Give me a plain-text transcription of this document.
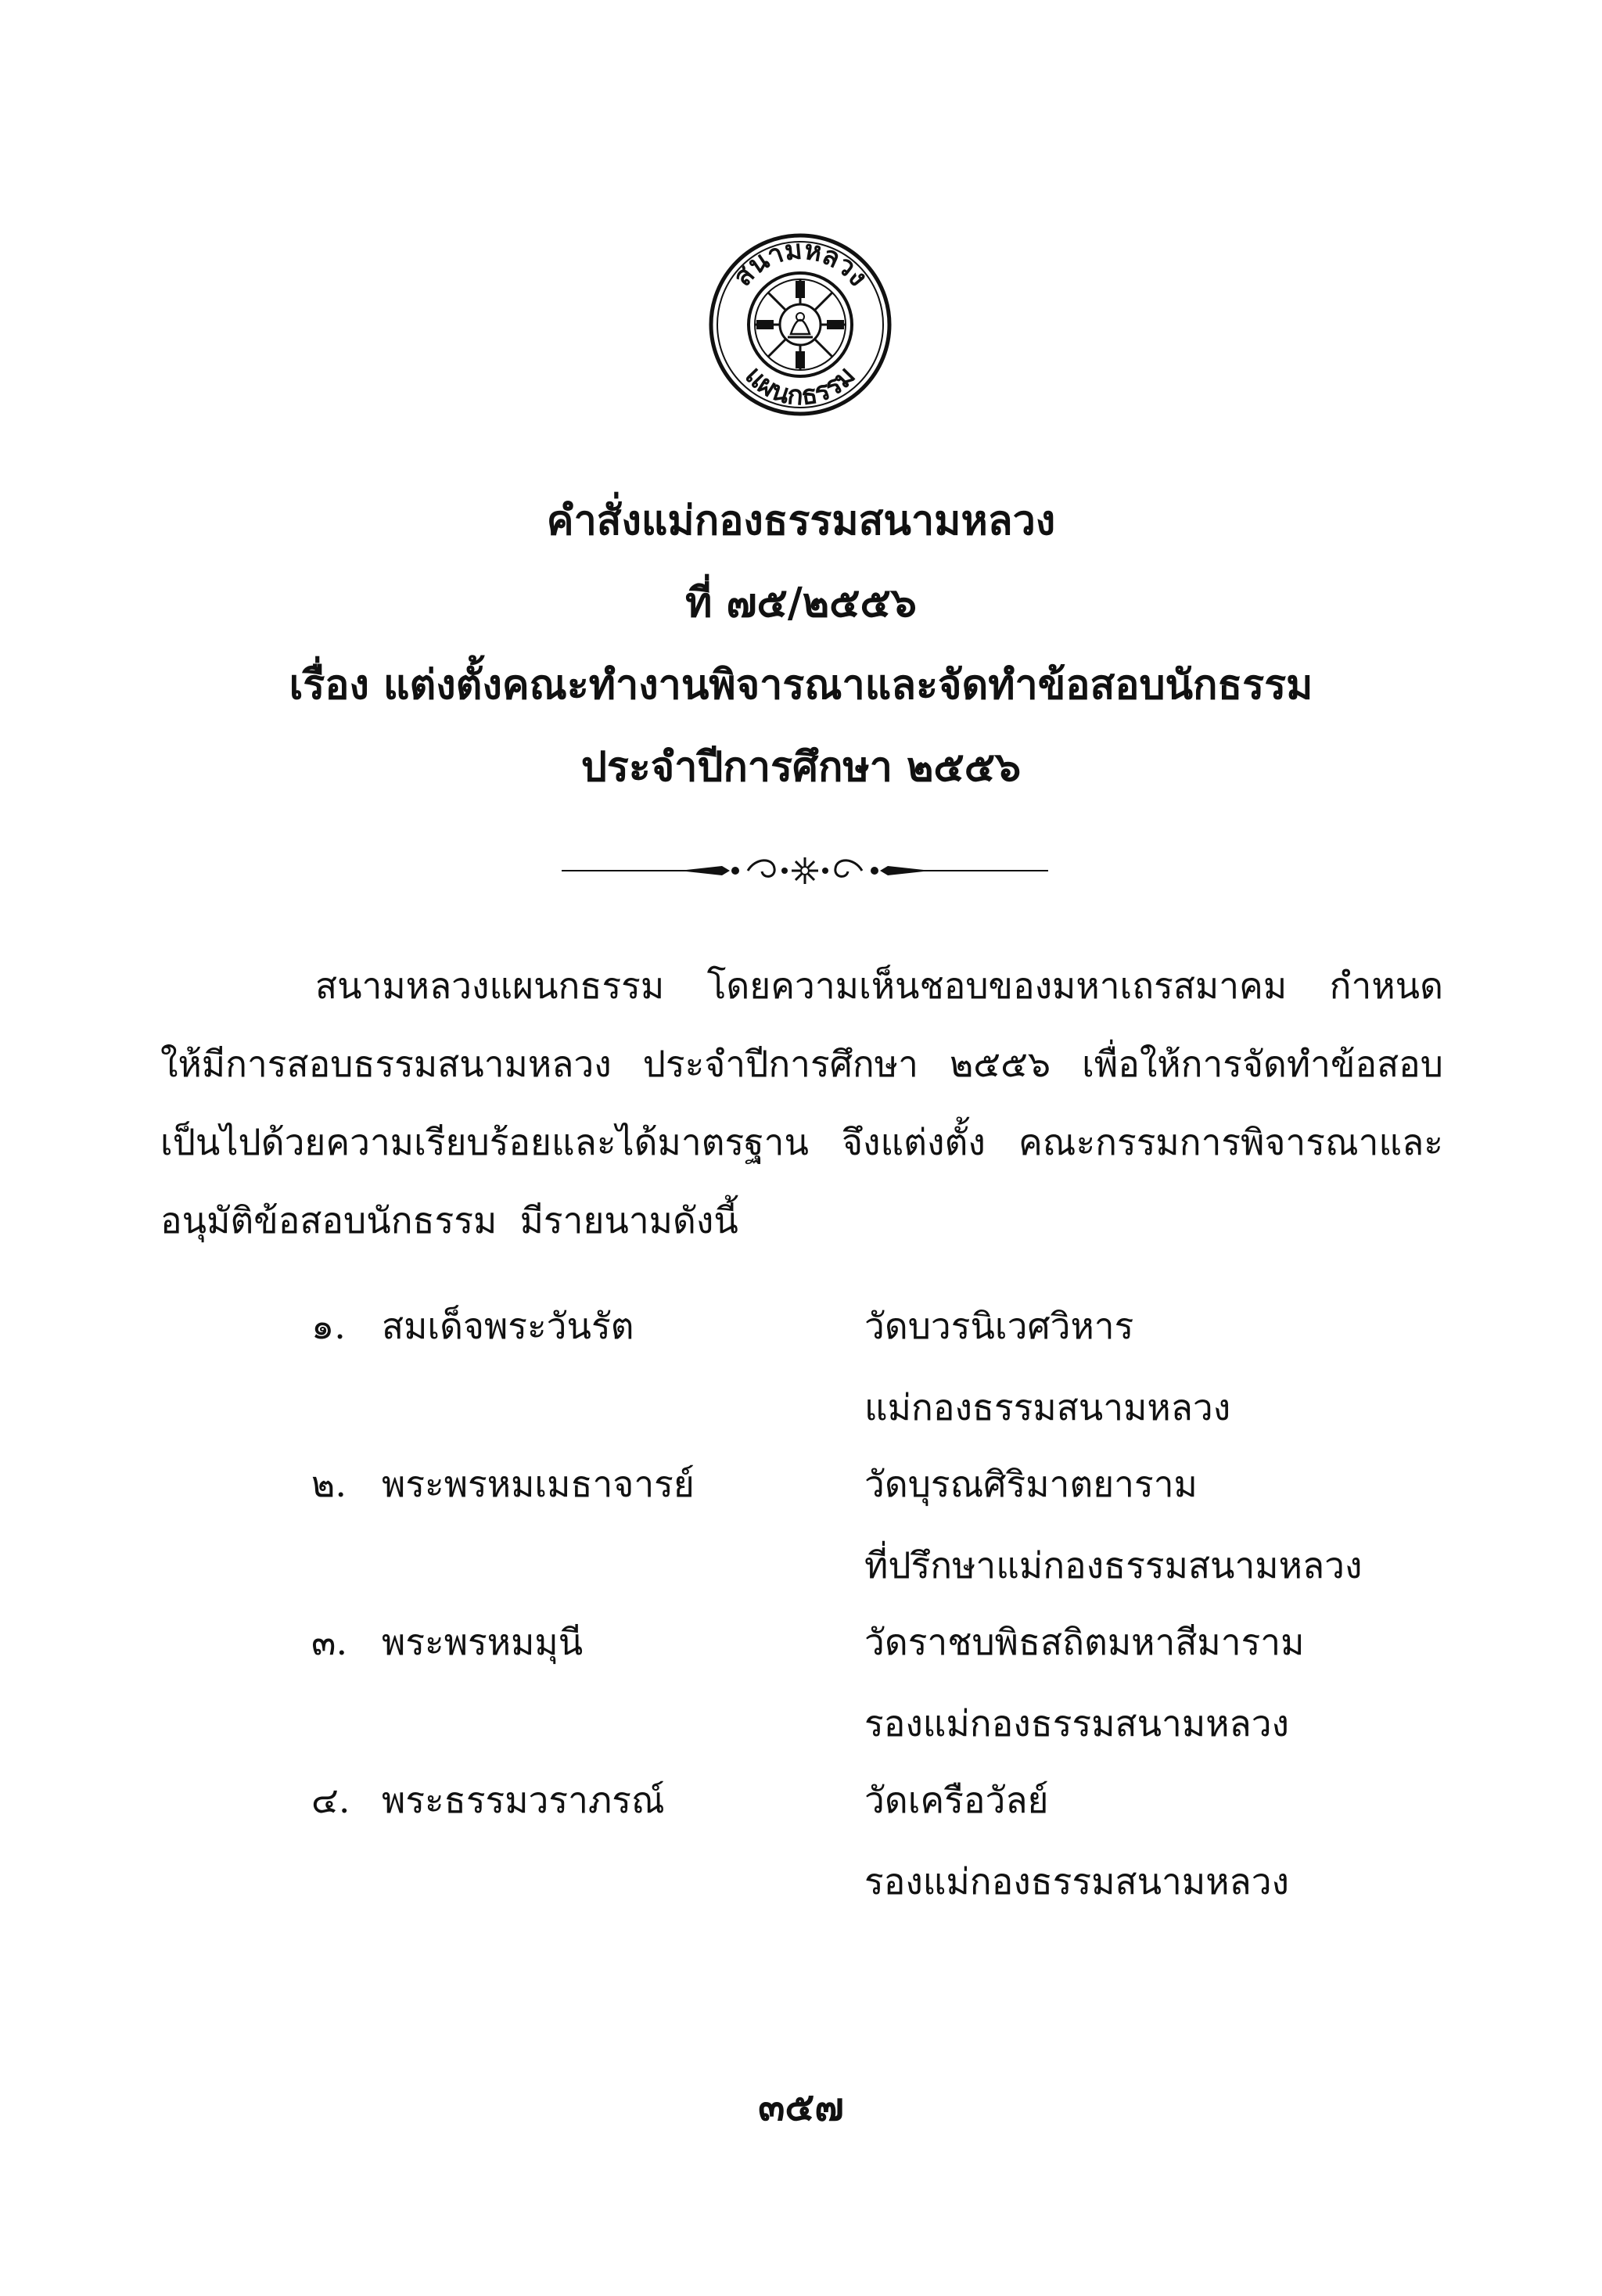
สนามหลวง
แผนกธรรม
คำสั่งแม่กองธรรมสนามหลวง
ที่ ๗๕/๒๕๕๖
เรื่อง แต่งตั้งคณะทำงานพิจารณาและจัดทำข้อสอบนักธรรม
ประจำปีการศึกษา ๒๕๕๖
สนามหลวงแผนกธรรม โดยความเห็นชอบของมหาเถรสมาคม กำหนด
ให้มีการสอบธรรมสนามหลวง ประจำปีการศึกษา ๒๕๕๖ เพื่อให้การจัดทำข้อสอบ
เป็นไปด้วยความเรียบร้อยและได้มาตรฐาน จึงแต่งตั้ง คณะกรรมการพิจารณาและ
อนุมัติข้อสอบนักธรรม  มีรายนามดังนี้
๑. สมเด็จพระวันรัต	วัดบวรนิเวศวิหาร
แม่กองธรรมสนามหลวง
๒. พระพรหมเมธาจารย์	วัดบุรณศิริมาตยาราม
ที่ปรึกษาแม่กองธรรมสนามหลวง
๓. พระพรหมมุนี	วัดราชบพิธสถิตมหาสีมาราม
รองแม่กองธรรมสนามหลวง
๔. พระธรรมวราภรณ์	วัดเครือวัลย์
รองแม่กองธรรมสนามหลวง
๓๕๗
